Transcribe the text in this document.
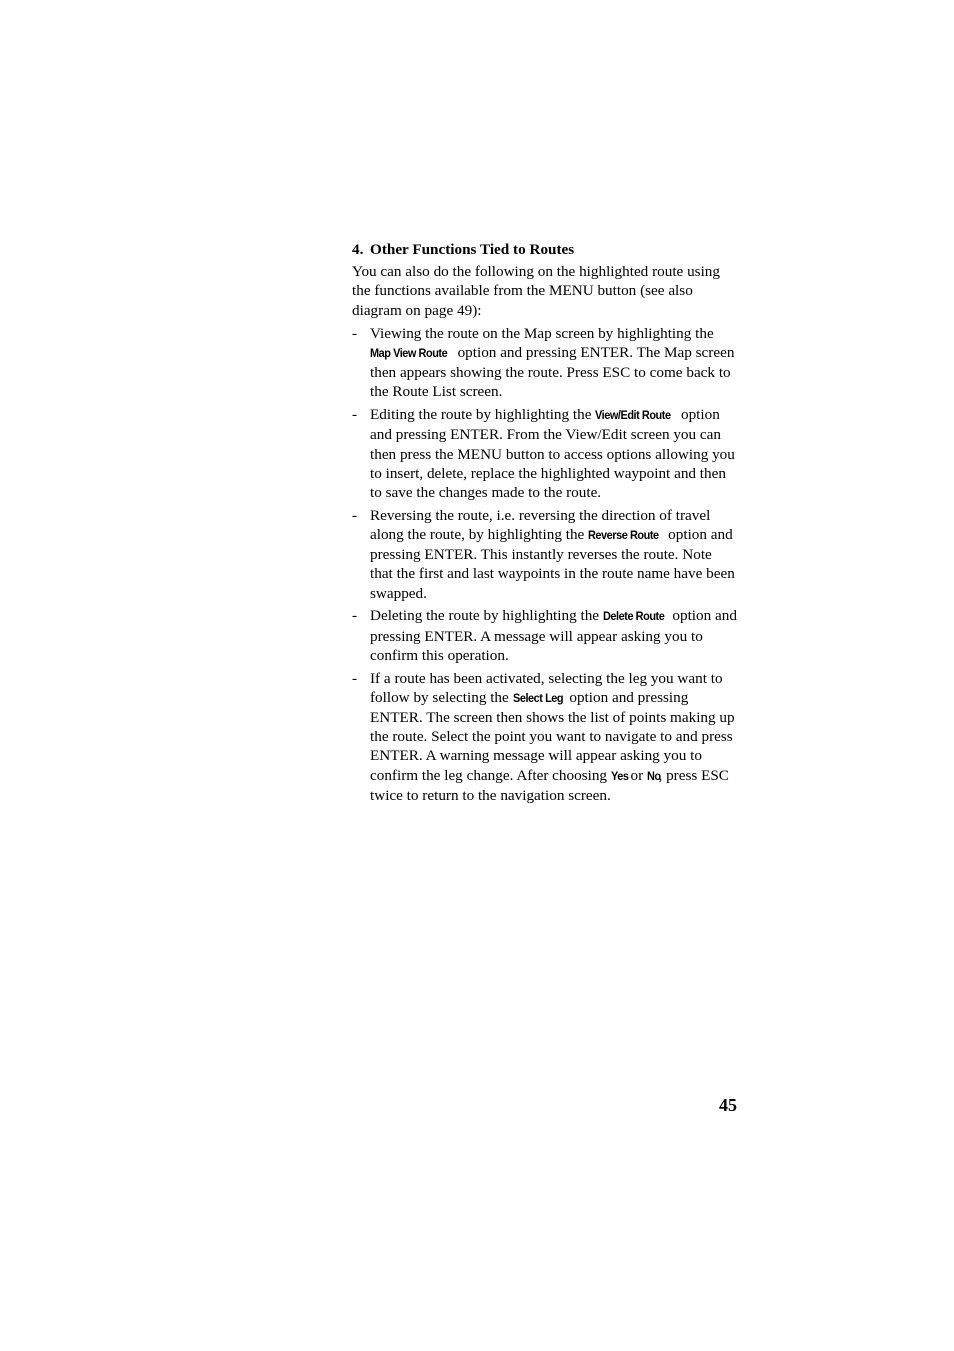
4. Other Functions Tied to Routes

You can also do the following on the highlighted route using the functions available from the MENU button (see also diagram on page 49):

- Viewing the route on the Map screen by highlighting the Map View Route option and pressing ENTER. The Map screen then appears showing the route. Press ESC to come back to the Route List screen.
- Editing the route by highlighting the View/Edit Route option and pressing ENTER. From the View/Edit screen you can then press the MENU button to access options allowing you to insert, delete, replace the highlighted waypoint and then to save the changes made to the route.
- Reversing the route, i.e. reversing the direction of travel along the route, by highlighting the Reverse Route option and pressing ENTER. This instantly reverses the route. Note that the first and last waypoints in the route name have been swapped.
- Deleting the route by highlighting the Delete Route option and pressing ENTER. A message will appear asking you to confirm this operation.
- If a route has been activated, selecting the leg you want to follow by selecting the Select Leg option and pressing ENTER. The screen then shows the list of points making up the route. Select the point you want to navigate to and press ENTER. A warning message will appear asking you to confirm the leg change. After choosing Yes or No, press ESC twice to return to the navigation screen.
45
